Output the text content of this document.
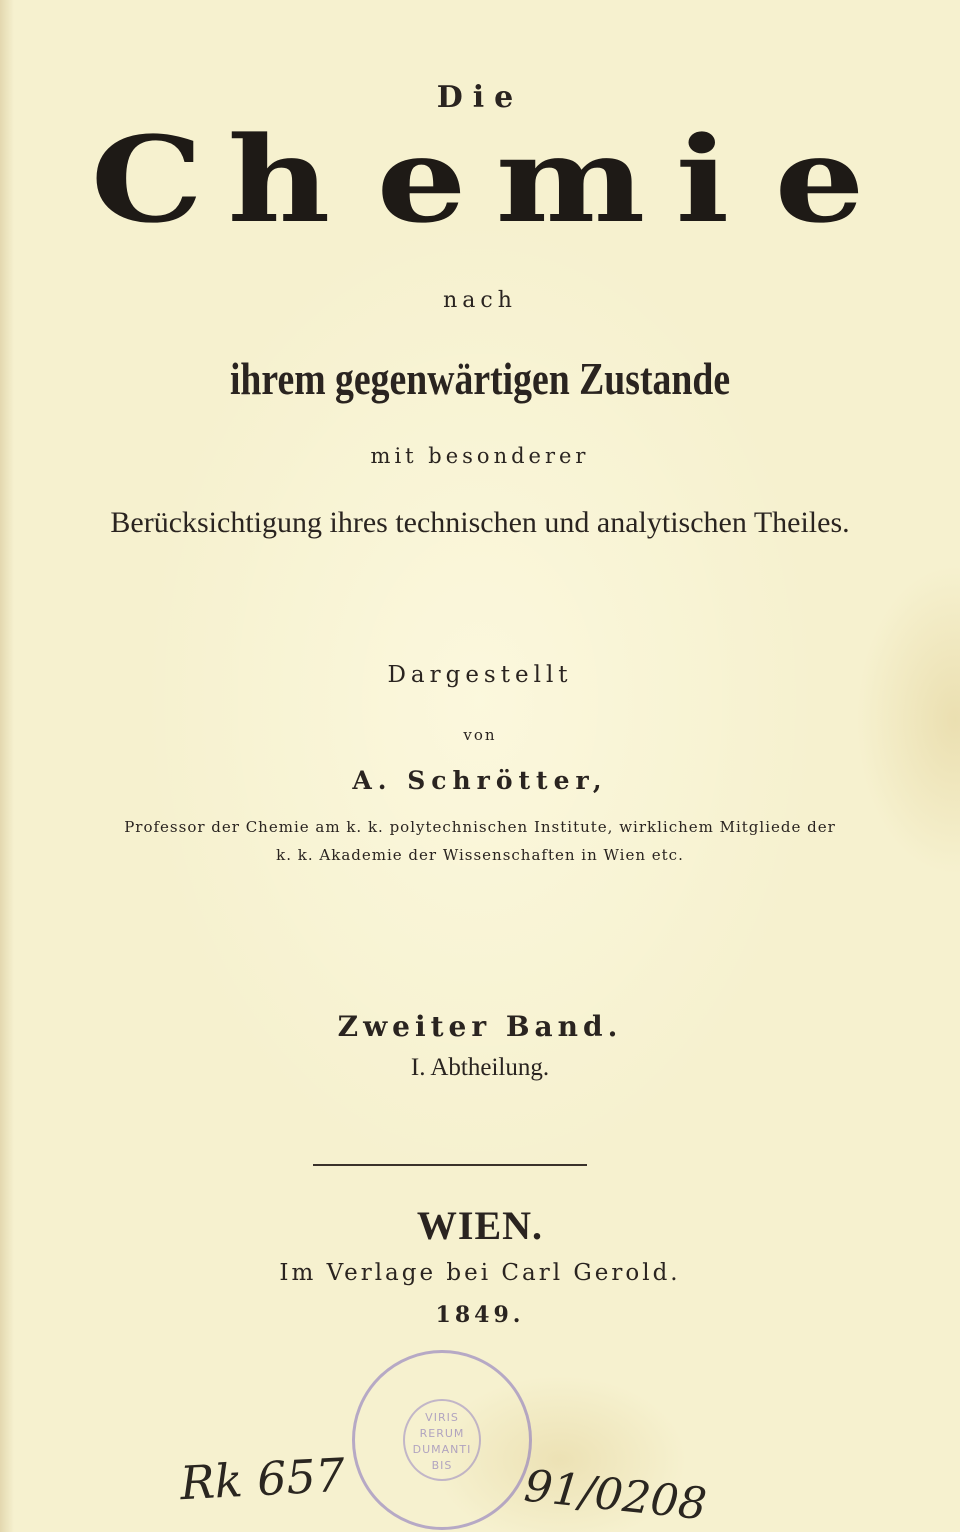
Die
C h e m i e
nach
ihrem gegenwärtigen Zustande
mit besonderer
Berücksichtigung ihres technischen und analytischen Theiles.
Dargestellt
von
A. Schrötter,
Professor der Chemie am k. k. polytechnischen Institute, wirklichem Mitgliede der
k. k. Akademie der Wissenschaften in Wien etc.
Zweiter Band.
I. Abtheilung.
WIEN.
Im Verlage bei Carl Gerold.
1849.
VIRIS
RERUM
DUMANTI
BIS
Rk 657	91/0208
